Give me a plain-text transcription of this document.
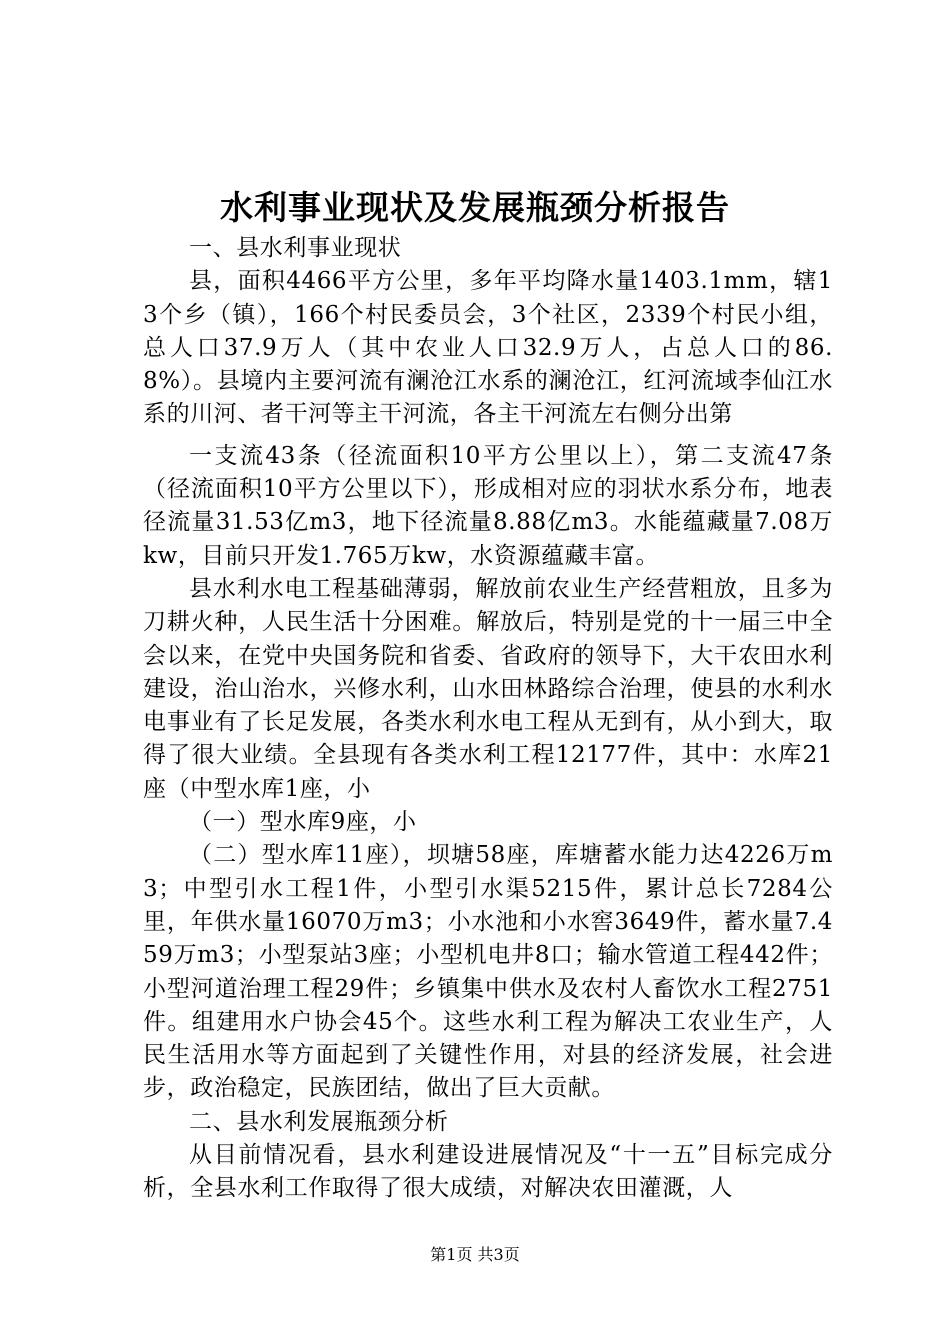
水利事业现状及发展瓶颈分析报告

一、县水利事业现状

县，面积4466平方公里，多年平均降水量1403.1mm，辖13个乡（镇），166个村民委员会，3个社区，2339个村民小组，总人口37.9万人（其中农业人口32.9万人，占总人口的86.8%）。县境内主要河流有澜沧江水系的澜沧江，红河流域李仙江水系的川河、者干河等主干河流，各主干河流左右侧分出第

一支流43条（径流面积10平方公里以上），第二支流47条（径流面积10平方公里以下），形成相对应的羽状水系分布，地表径流量31.53亿m3，地下径流量8.88亿m3。水能蕴藏量7.08万kw，目前只开发1.765万kw，水资源蕴藏丰富。

县水利水电工程基础薄弱，解放前农业生产经营粗放，且多为刀耕火种，人民生活十分困难。解放后，特别是党的十一届三中全会以来，在党中央国务院和省委、省政府的领导下，大干农田水利建设，治山治水，兴修水利，山水田林路综合治理，使县的水利水电事业有了长足发展，各类水利水电工程从无到有，从小到大，取得了很大业绩。全县现有各类水利工程12177件，其中：水库21座（中型水库1座，小

（一）型水库9座，小

（二）型水库11座），坝塘58座，库塘蓄水能力达4226万m3；中型引水工程1件，小型引水渠5215件，累计总长7284公里，年供水量16070万m3；小水池和小水窖3649件，蓄水量7.459万m3；小型泵站3座；小型机电井8口；输水管道工程442件；小型河道治理工程29件；乡镇集中供水及农村人畜饮水工程2751件。组建用水户协会45个。这些水利工程为解决工农业生产，人民生活用水等方面起到了关键性作用，对县的经济发展，社会进步，政治稳定，民族团结，做出了巨大贡献。

二、县水利发展瓶颈分析

从目前情况看，县水利建设进展情况及“十一五”目标完成分析，全县水利工作取得了很大成绩，对解决农田灌溉，人

第1页 共3页
